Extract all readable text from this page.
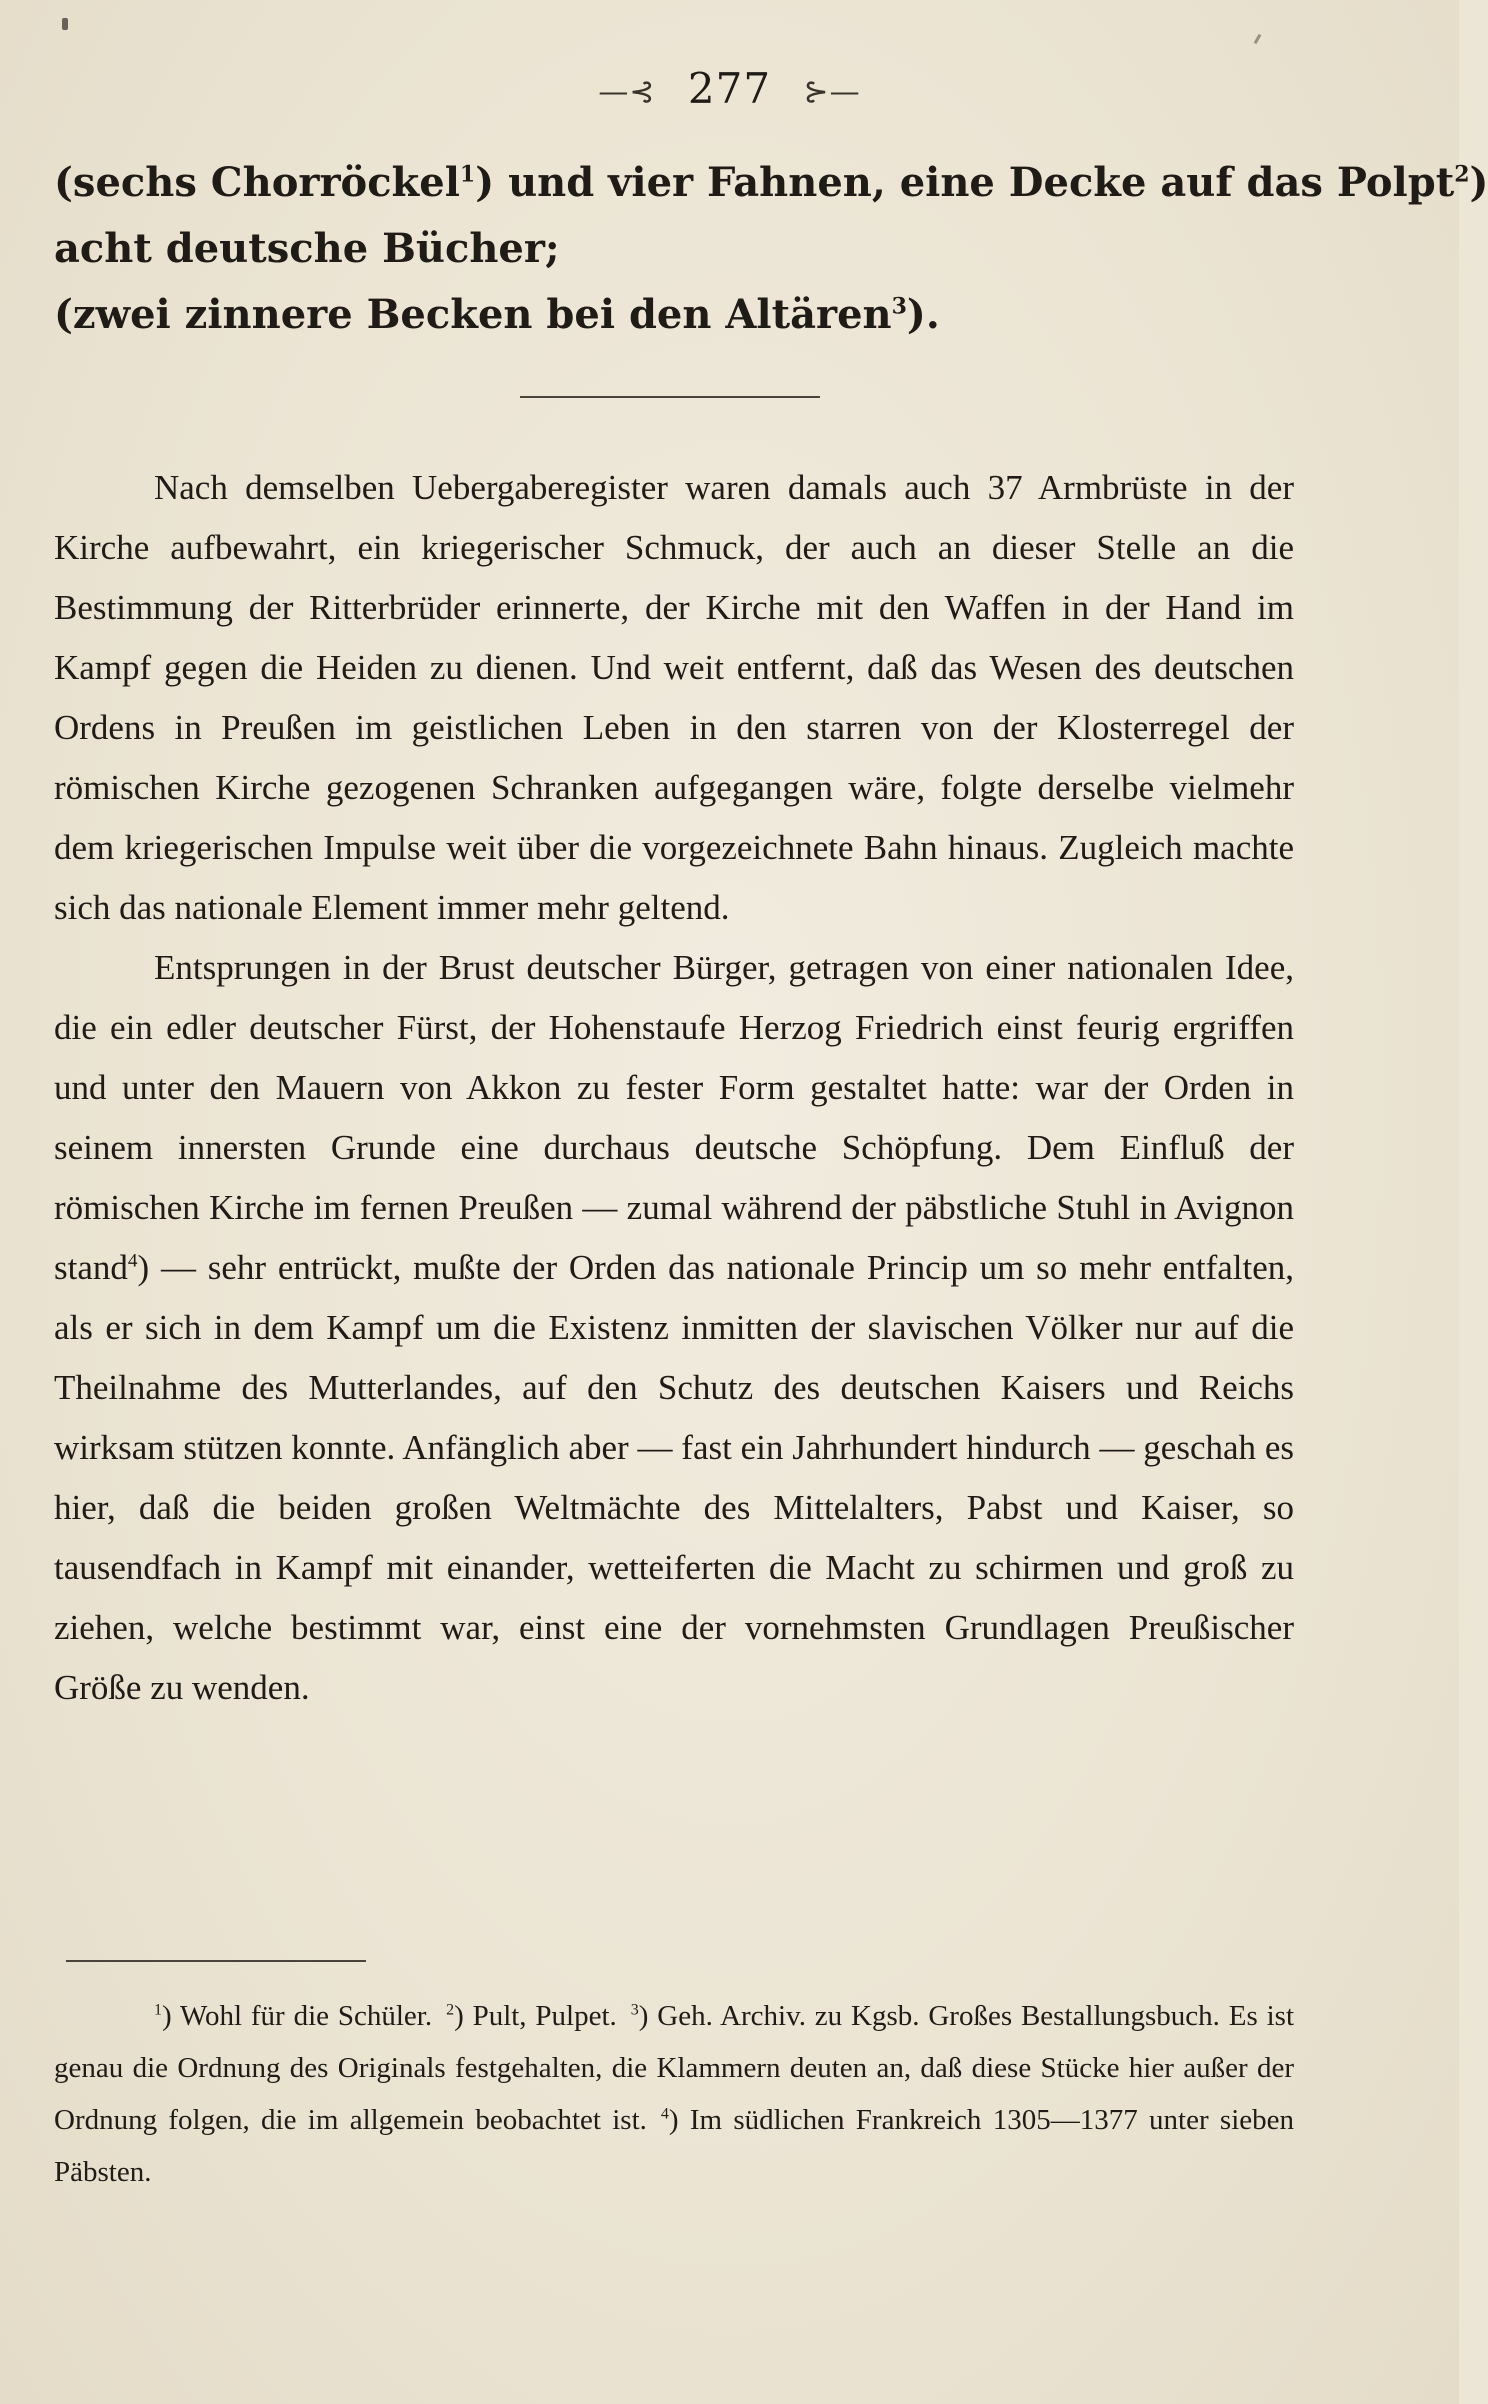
—⊰ 277 ⊱—
(sechs Chorröckel$^1$) und vier Fahnen, eine Decke auf das Polpt$^2$)
acht deutsche Bücher;
(zwei zinnere Becken bei den Altären$^3$).

Nach demselben Uebergaberegister waren damals auch 37 Armbrüste in der Kirche aufbewahrt, ein kriegerischer Schmuck, der auch an dieser Stelle an die Bestimmung der Ritterbrüder erinnerte, der Kirche mit den Waffen in der Hand im Kampf gegen die Heiden zu dienen. Und weit entfernt, daß das Wesen des deutschen Ordens in Preußen im geistlichen Leben in den starren von der Klosterregel der römischen Kirche gezogenen Schranken aufgegangen wäre, folgte derselbe vielmehr dem kriegerischen Impulse weit über die vorgezeichnete Bahn hinaus. Zugleich machte sich das nationale Element immer mehr geltend.

Entsprungen in der Brust deutscher Bürger, getragen von einer nationalen Idee, die ein edler deutscher Fürst, der Hohenstaufe Herzog Friedrich einst feurig ergriffen und unter den Mauern von Akkon zu fester Form gestaltet hatte: war der Orden in seinem innersten Grunde eine durchaus deutsche Schöpfung. Dem Einfluß der römischen Kirche im fernen Preußen — zumal während der päbstliche Stuhl in Avignon stand$^4$) — sehr entrückt, mußte der Orden das nationale Princip um so mehr entfalten, als er sich in dem Kampf um die Existenz inmitten der slavischen Völker nur auf die Theilnahme des Mutterlandes, auf den Schutz des deutschen Kaisers und Reichs wirksam stützen konnte. Anfänglich aber — fast ein Jahrhundert hindurch — geschah es hier, daß die beiden großen Weltmächte des Mittelalters, Pabst und Kaiser, so tausendfach in Kampf mit einander, wetteiferten die Macht zu schirmen und groß zu ziehen, welche bestimmt war, einst eine der vornehmsten Grundlagen Preußischer Größe zu wenden.

$^1$) Wohl für die Schüler. $^2$) Pult, Pulpet. $^3$) Geh. Archiv. zu Kgsb. Großes Bestallungsbuch. Es ist genau die Ordnung des Originals festgehalten, die Klammern deuten an, daß diese Stücke hier außer der Ordnung folgen, die im allgemein beobachtet ist. $^4$) Im südlichen Frankreich 1305—1377 unter sieben Päbsten.
